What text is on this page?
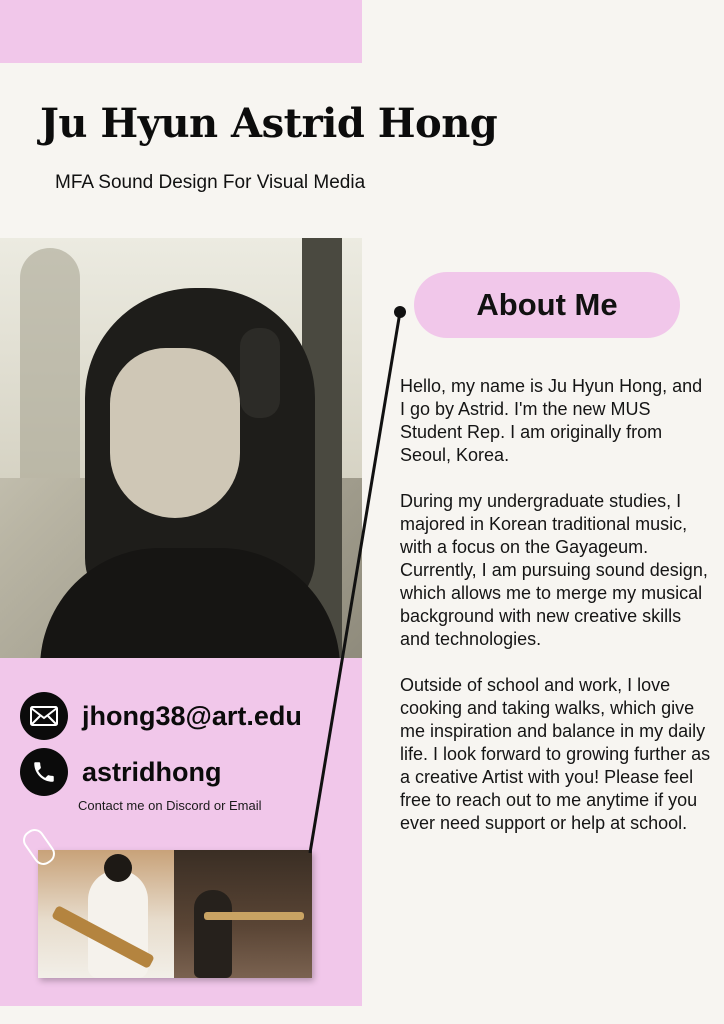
Ju Hyun Astrid Hong
MFA Sound Design For Visual Media
jhong38@art.edu
astridhong
Contact me on Discord or Email
About Me

Hello, my name is Ju Hyun Hong, and I go by Astrid. I'm the new MUS Student Rep. I am originally from Seoul, Korea.

During my undergraduate studies, I majored in Korean traditional music, with a focus on the Gayageum. Currently, I am pursuing sound design, which allows me to merge my musical background with new creative skills and technologies.

Outside of school and work, I love cooking and taking walks, which give me inspiration and balance in my daily life. I look forward to growing further as a creative Artist with you! Please feel free to reach out to me anytime if you ever need support or help at school.
